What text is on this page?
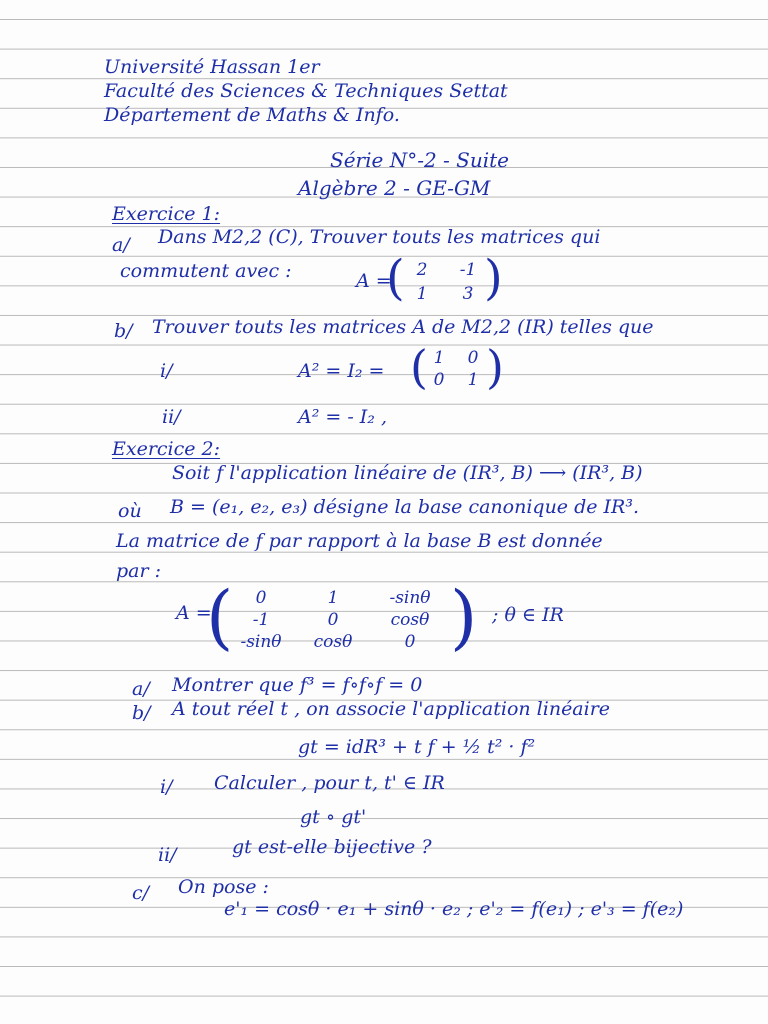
Université Hassan 1er
Faculté des Sciences & Techniques Settat
Département de Maths & Info.
Série N°-2 - Suite
Algèbre 2 - GE-GM
Exercice 1:
a/ Dans M2,2 (C), Trouver touts les matrices qui
commutent avec :	A =
( 2	-1
1	3 )
b/ Trouver touts les matrices A de M2,2 (IR) telles que
i/	A² = I₂ = ( 1	0
0	1 )
ii/	A² = - I₂ ,
Exercice 2:
Soit f l'application linéaire de (IR³, B) ⟶ (IR³, B)
où B = (e₁, e₂, e₃) désigne la base canonique de IR³.
La matrice de f par rapport à la base B est donnée
par :
A =
(	0	1	-sinθ
-1	0	cosθ
-sinθ	cosθ	0 ) ; θ ∈ IR
a/ Montrer que f³ = f∘f∘f = 0
b/ A tout réel t , on associe l'application linéaire
gt = idR³ + t f + ½ t² · f²
i/ Calculer , pour t, t' ∈ IR
gt ∘ gt'
ii/	gt est-elle bijective ?
c/ On pose :
e'₁ = cosθ · e₁ + sinθ · e₂ ; e'₂ = f(e₁) ; e'₃ = f(e₂)
